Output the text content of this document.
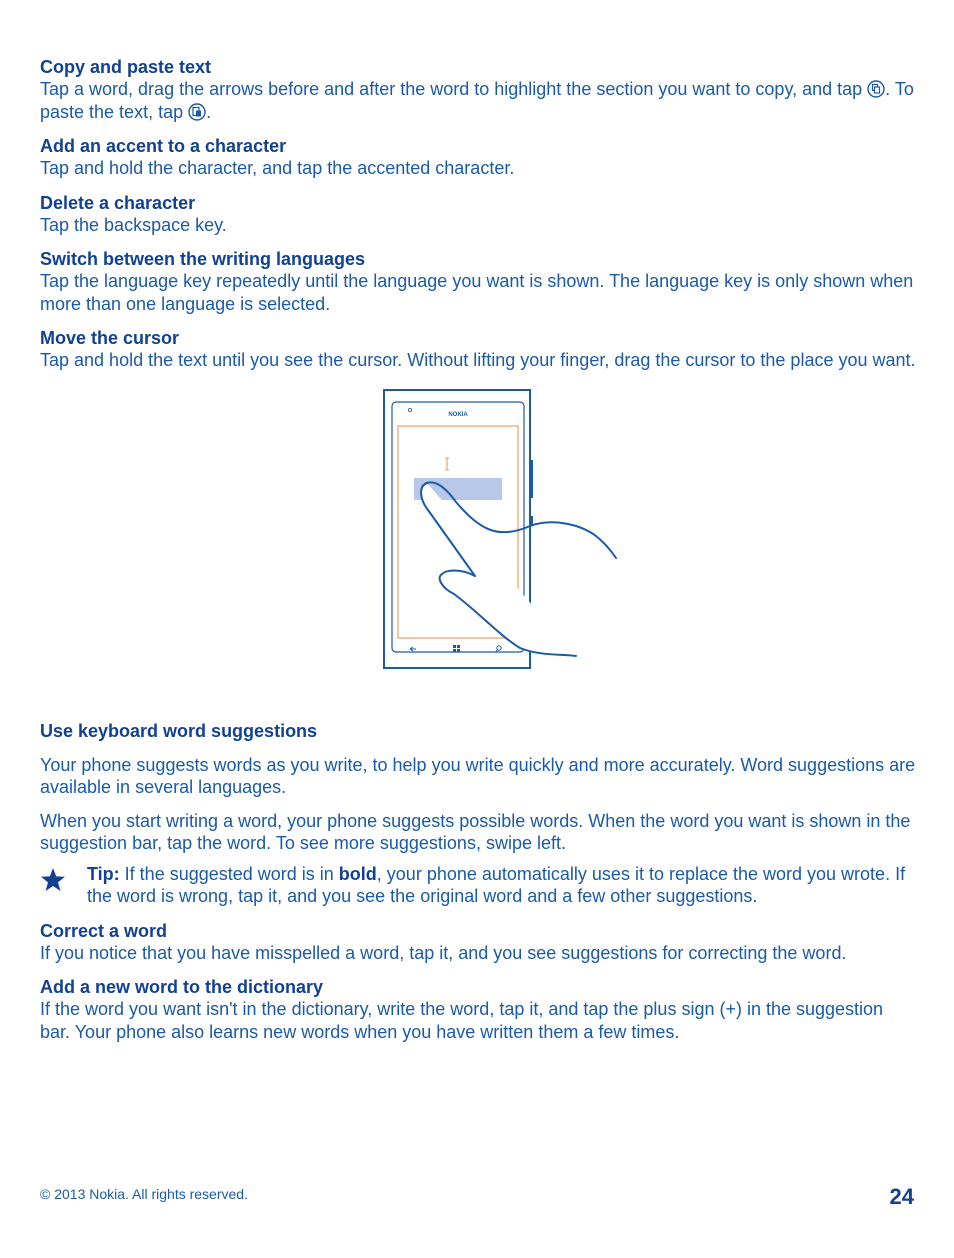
Copy and paste text

Tap a word, drag the arrows before and after the word to highlight the section you want to copy, and tap . To paste the text, tap .

Add an accent to a character

Tap and hold the character, and tap the accented character.

Delete a character

Tap the backspace key.

Switch between the writing languages

Tap the language key repeatedly until the language you want is shown. The language key is only shown when more than one language is selected.

Move the cursor

Tap and hold the text until you see the cursor. Without lifting your finger, drag the cursor to the place you want.

NOKIA

Use keyboard word suggestions

Your phone suggests words as you write, to help you write quickly and more accurately. Word suggestions are available in several languages.

When you start writing a word, your phone suggests possible words. When the word you want is shown in the suggestion bar, tap the word. To see more suggestions, swipe left.

Tip: If the suggested word is in bold, your phone automatically uses it to replace the word you wrote. If the word is wrong, tap it, and you see the original word and a few other suggestions.

Correct a word

If you notice that you have misspelled a word, tap it, and you see suggestions for correcting the word.

Add a new word to the dictionary

If the word you want isn't in the dictionary, write the word, tap it, and tap the plus sign (+) in the suggestion bar. Your phone also learns new words when you have written them a few times.

© 2013 Nokia. All rights reserved.	24
